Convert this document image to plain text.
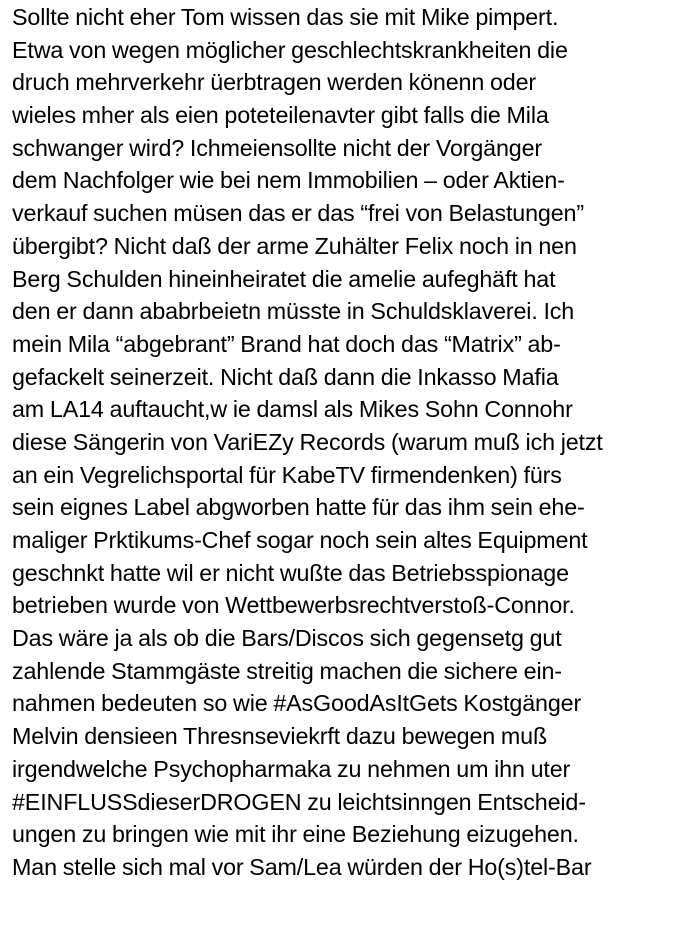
Sollte nicht eher Tom wissen das sie mit Mike pimpert.
Etwa von wegen möglicher geschlechtskrankheiten die
druch mehrverkehr üerbtragen werden könenn oder
wieles mher als eien poteteilenavter gibt falls die Mila
schwanger wird? Ichmeiensollte nicht der Vorgänger
dem Nachfolger wie bei nem Immobilien – oder Aktien-
verkauf suchen müsen das er das “frei von Belastungen”
übergibt? Nicht daß der arme Zuhälter Felix noch in nen
Berg Schulden hineinheiratet die amelie aufeghäft hat
den er dann ababrbeietn müsste in Schuldsklaverei. Ich
mein Mila “abgebrant” Brand hat doch das “Matrix” ab-
gefackelt seinerzeit. Nicht daß dann die Inkasso Mafia
am LA14 auftaucht,w ie damsl als Mikes Sohn Connohr
diese Sängerin von VariEZy Records (warum muß ich jetzt
an ein Vegrelichsportal für KabeTV firmendenken) fürs
sein eignes Label abgworben hatte für das ihm sein ehe-
maliger Prktikums-Chef sogar noch sein altes Equipment
geschnkt hatte wil er nicht wußte das Betriebsspionage
betrieben wurde von Wettbewerbsrechtverstoß-Connor.
Das wäre ja als ob die Bars/Discos sich gegensetg gut
zahlende Stammgäste streitig machen die sichere ein-
nahmen bedeuten so wie #AsGoodAsItGets Kostgänger
Melvin densieen Thresnseviekrft dazu bewegen muß
irgendwelche Psychopharmaka zu nehmen um ihn uter
#EINFLUSSdieserDROGEN zu leichtsinngen Entscheid-
ungen zu bringen wie mit ihr eine Beziehung eizugehen.
Man stelle sich mal vor Sam/Lea würden der Ho(s)tel-Bar
